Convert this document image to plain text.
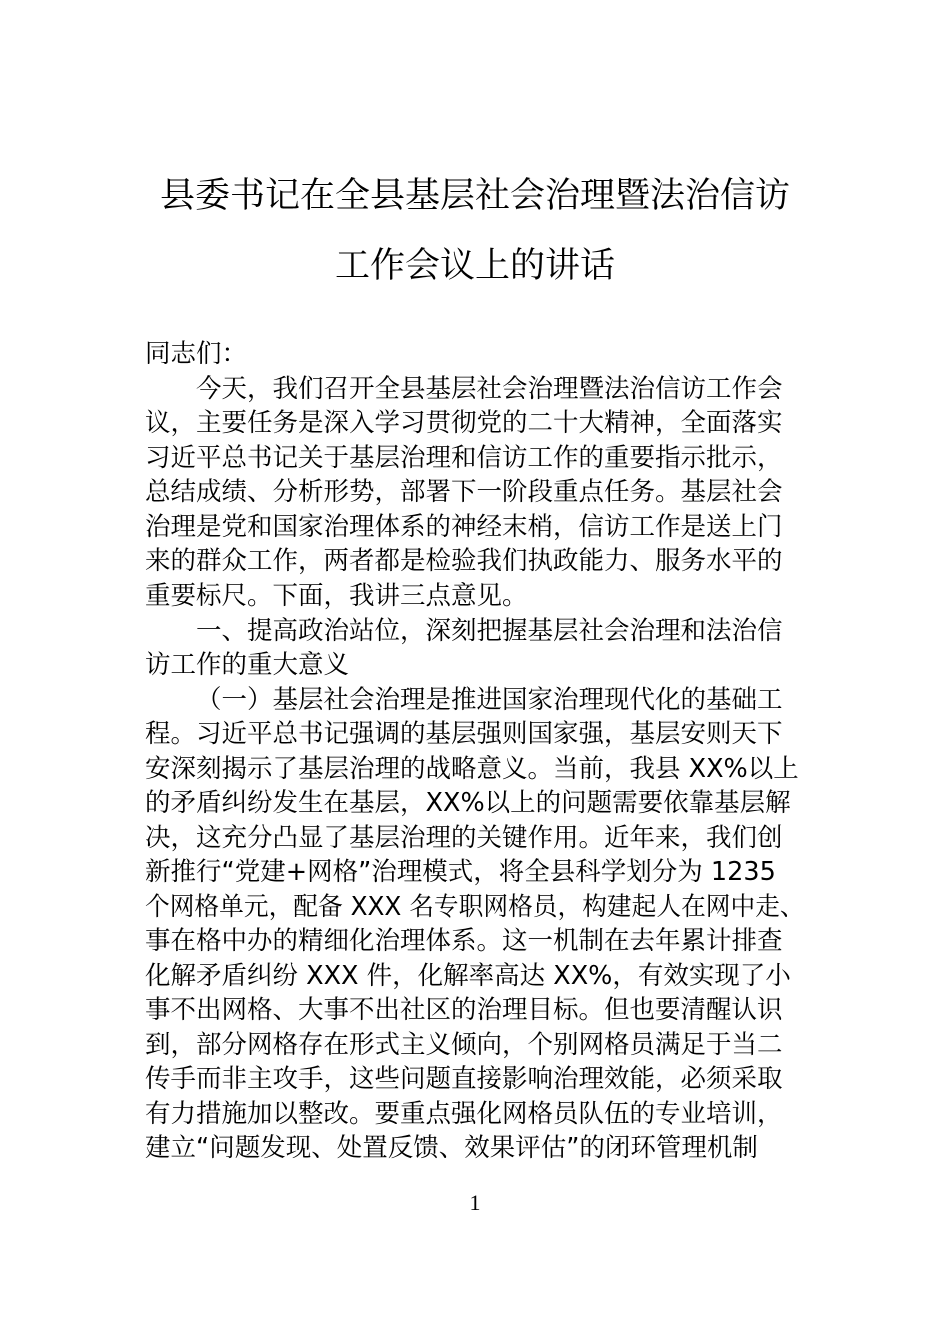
县委书记在全县基层社会治理暨法治信访
工作会议上的讲话
同志们：
今天，我们召开全县基层社会治理暨法治信访工作会
议，主要任务是深入学习贯彻党的二十大精神，全面落实
习近平总书记关于基层治理和信访工作的重要指示批示，
总结成绩、分析形势，部署下一阶段重点任务。基层社会
治理是党和国家治理体系的神经末梢，信访工作是送上门
来的群众工作，两者都是检验我们执政能力、服务水平的
重要标尺。下面，我讲三点意见。
一、提高政治站位，深刻把握基层社会治理和法治信
访工作的重大意义
（一）基层社会治理是推进国家治理现代化的基础工
程。习近平总书记强调的基层强则国家强，基层安则天下
安深刻揭示了基层治理的战略意义。当前，我县 XX%以上
的矛盾纠纷发生在基层，XX%以上的问题需要依靠基层解
决，这充分凸显了基层治理的关键作用。近年来，我们创
新推行“党建+网格”治理模式，将全县科学划分为 1235
个网格单元，配备 XXX 名专职网格员，构建起人在网中走、
事在格中办的精细化治理体系。这一机制在去年累计排查
化解矛盾纠纷 XXX 件，化解率高达 XX%，有效实现了小
事不出网格、大事不出社区的治理目标。但也要清醒认识
到，部分网格存在形式主义倾向，个别网格员满足于当二
传手而非主攻手，这些问题直接影响治理效能，必须采取
有力措施加以整改。要重点强化网格员队伍的专业培训，
建立“问题发现、处置反馈、效果评估”的闭环管理机制
1
